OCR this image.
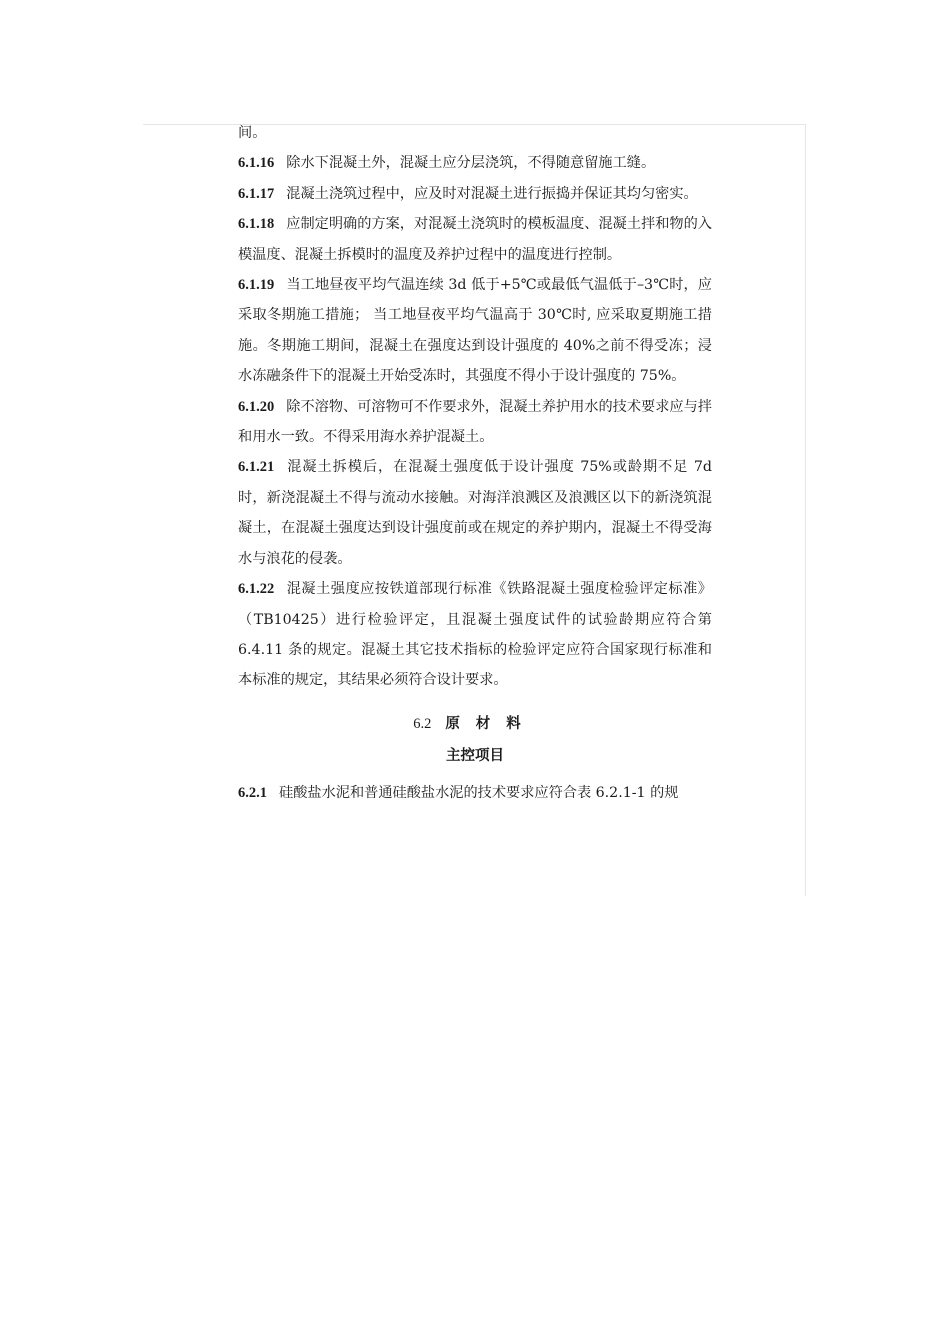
间。

6.1.16 除水下混凝土外，混凝土应分层浇筑，不得随意留施工缝。

6.1.17 混凝土浇筑过程中，应及时对混凝土进行振捣并保证其均匀密实。

6.1.18 应制定明确的方案，对混凝土浇筑时的模板温度、混凝土拌和物的入模温度、混凝土拆模时的温度及养护过程中的温度进行控制。

6.1.19 当工地昼夜平均气温连续 3d 低于+5℃或最低气温低于–3℃时，应采取冬期施工措施； 当工地昼夜平均气温高于 30℃时, 应采取夏期施工措施。冬期施工期间，混凝土在强度达到设计强度的 40%之前不得受冻；浸水冻融条件下的混凝土开始受冻时，其强度不得小于设计强度的 75%。

6.1.20 除不溶物、可溶物可不作要求外，混凝土养护用水的技术要求应与拌和用水一致。不得采用海水养护混凝土。

6.1.21 混凝土拆模后，在混凝土强度低于设计强度 75%或龄期不足 7d 时，新浇混凝土不得与流动水接触。对海洋浪溅区及浪溅区以下的新浇筑混凝土，在混凝土强度达到设计强度前或在规定的养护期内，混凝土不得受海水与浪花的侵袭。

6.1.22 混凝土强度应按铁道部现行标准《铁路混凝土强度检验评定标准》（TB10425）进行检验评定，且混凝土强度试件的试验龄期应符合第 6.4.11 条的规定。混凝土其它技术指标的检验评定应符合国家现行标准和本标准的规定，其结果必须符合设计要求。

6.2 原材料
主控项目

6.2.1 硅酸盐水泥和普通硅酸盐水泥的技术要求应符合表 6.2.1-1 的规
